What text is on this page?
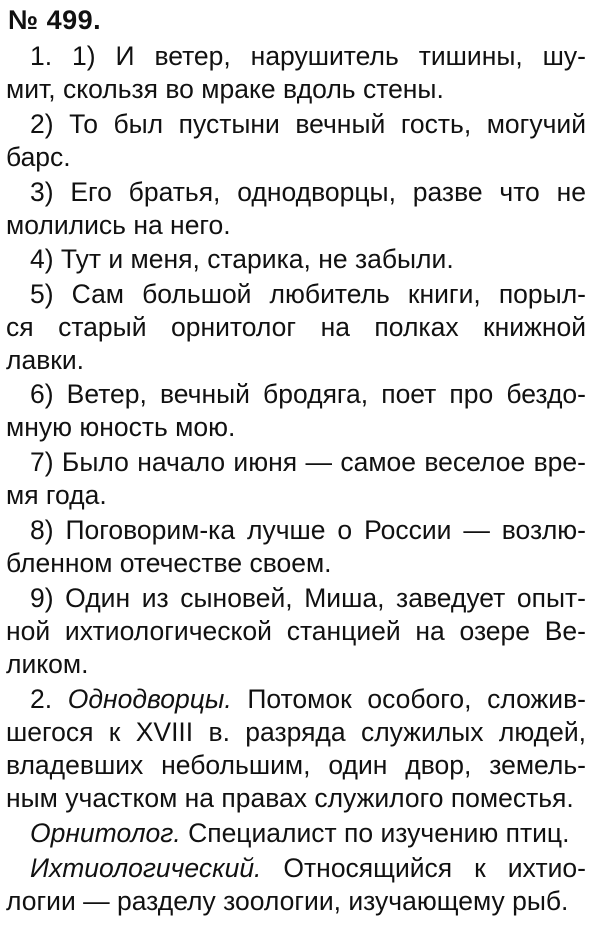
№ 499.
1. 1) И ветер, нарушитель тишины, шу-
мит, скользя во мраке вдоль стены.
2) То был пустыни вечный гость, могучий
барс.
3) Его братья, однодворцы, разве что не
молились на него.
4) Тут и меня, старика, не забыли.
5) Сам большой любитель книги, порыл-
ся старый орнитолог на полках книжной
лавки.
6) Ветер, вечный бродяга, поет про бездо-
мную юность мою.
7) Было начало июня — самое веселое вре-
мя года.
8) Поговорим-ка лучше о России — возлю-
бленном отечестве своем.
9) Один из сыновей, Миша, заведует опыт-
ной ихтиологической станцией на озере Ве-
ликом.
2. Однодворцы. Потомок особого, сложив-
шегося к XVIII в. разряда служилых людей,
владевших небольшим, один двор, земель-
ным участком на правах служилого поместья.
Орнитолог. Специалист по изучению птиц.
Ихтиологический. Относящийся к ихтио-
логии — разделу зоологии, изучающему рыб.
